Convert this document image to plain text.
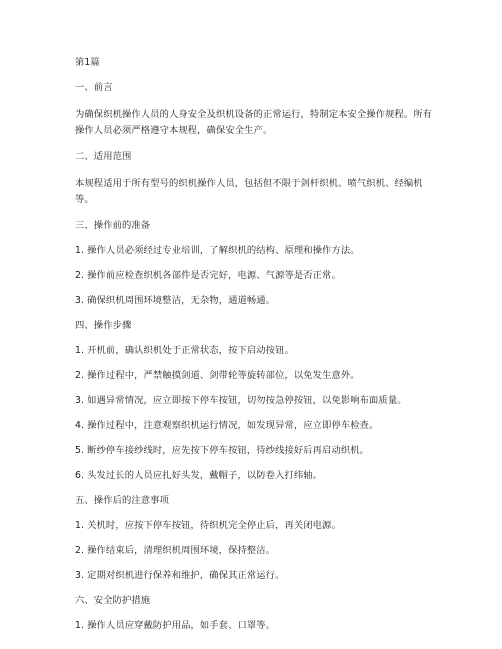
第1篇

一、前言

为确保织机操作人员的人身安全及织机设备的正常运行，特制定本安全操作规程。所有操作人员必须严格遵守本规程，确保安全生产。

二、适用范围

本规程适用于所有型号的织机操作人员，包括但不限于剑杆织机、喷气织机、经编机等。

三、操作前的准备

1. 操作人员必须经过专业培训，了解织机的结构、原理和操作方法。

2. 操作前应检查织机各部件是否完好，电源、气源等是否正常。

3. 确保织机周围环境整洁，无杂物，通道畅通。

四、操作步骤

1. 开机前，确认织机处于正常状态，按下启动按钮。

2. 操作过程中，严禁触摸剑道、剑带轮等旋转部位，以免发生意外。

3. 如遇异常情况，应立即按下停车按钮，切勿按急停按钮，以免影响布面质量。

4. 操作过程中，注意观察织机运行情况，如发现异常，应立即停车检查。

5. 断纱停车接纱线时，应先按下停车按钮，待纱线接好后再启动织机。

6. 头发过长的人员应扎好头发，戴帽子，以防卷入打纬轴。

五、操作后的注意事项

1. 关机时，应按下停车按钮，待织机完全停止后，再关闭电源。

2. 操作结束后，清理织机周围环境，保持整洁。

3. 定期对织机进行保养和维护，确保其正常运行。

六、安全防护措施

1. 操作人员应穿戴防护用品，如手套、口罩等。
